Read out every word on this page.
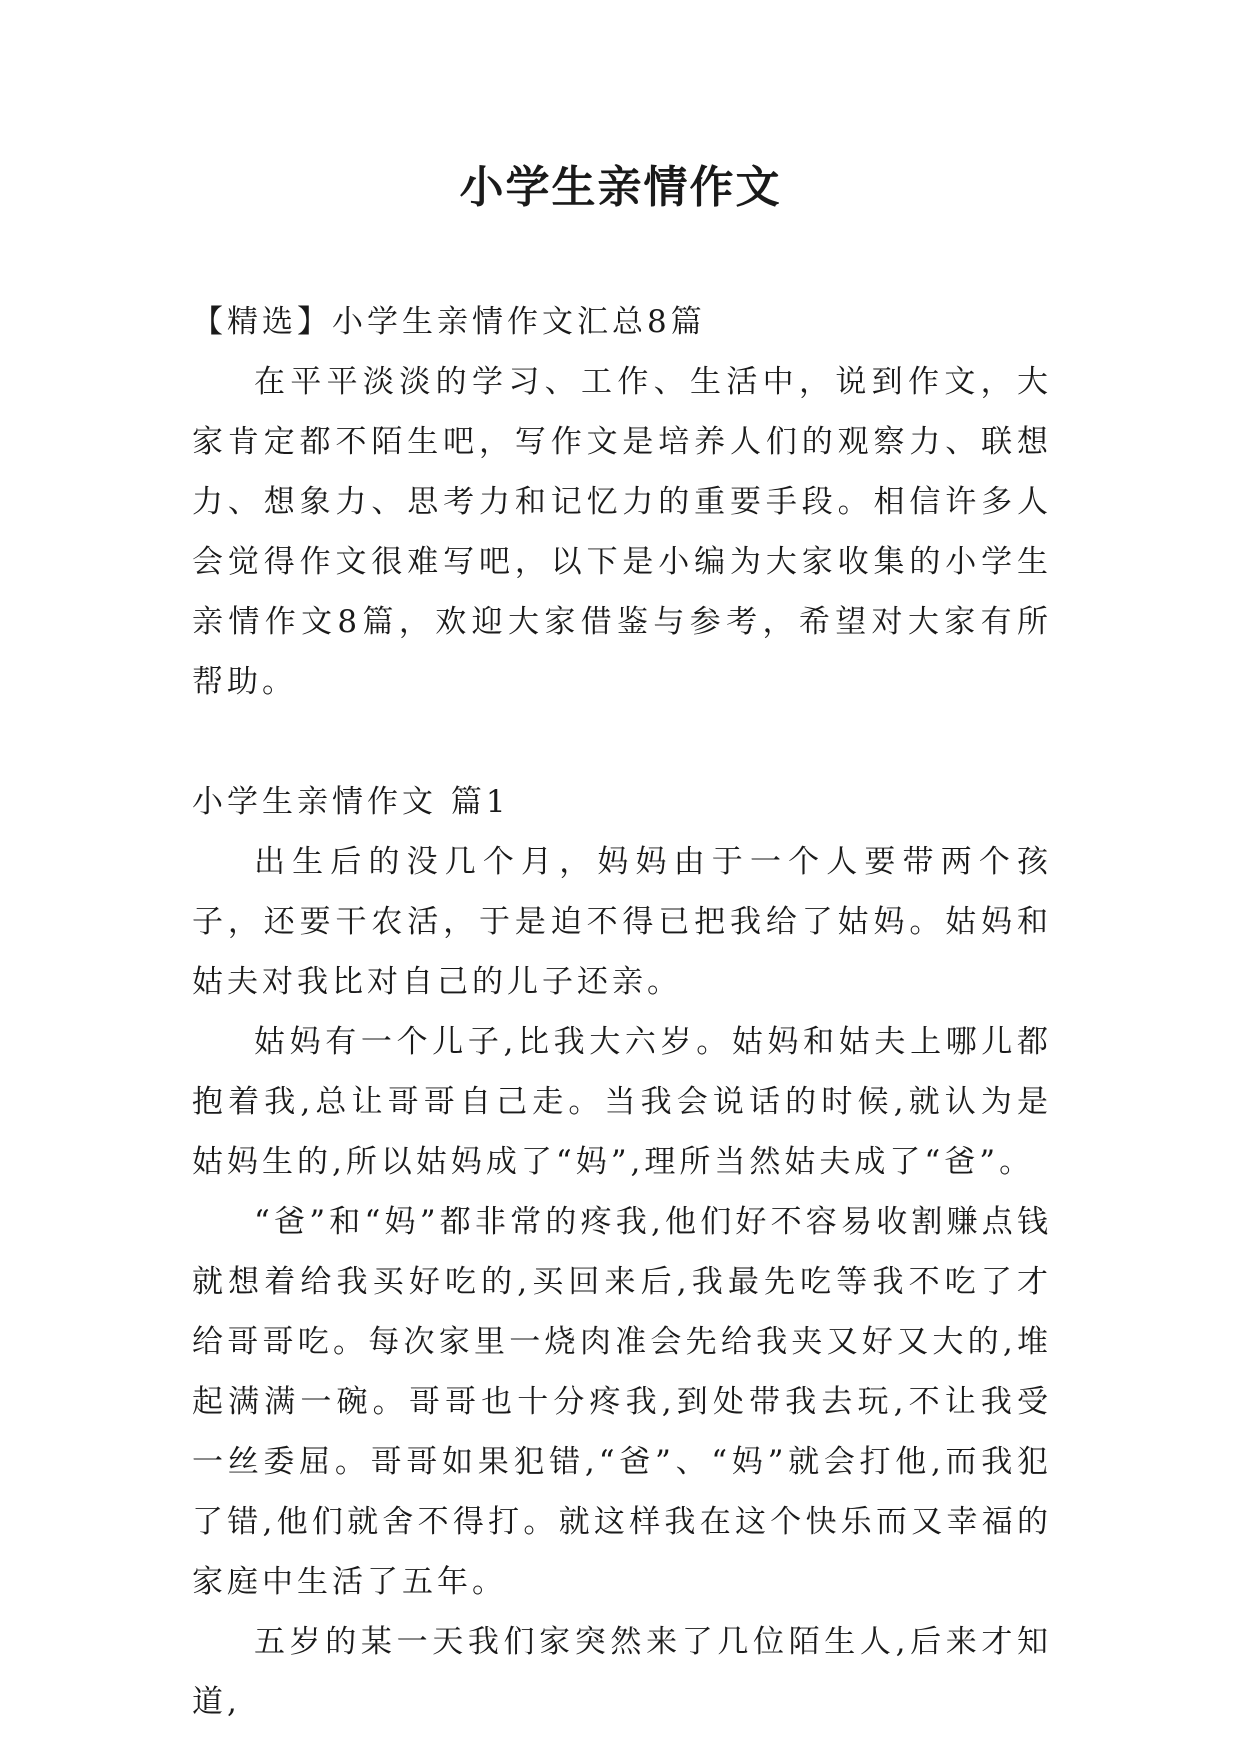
小学生亲情作文

【精选】小学生亲情作文汇总8篇

在平平淡淡的学习、工作、生活中，说到作文，大家肯定都不陌生吧，写作文是培养人们的观察力、联想力、想象力、思考力和记忆力的重要手段。相信许多人会觉得作文很难写吧，以下是小编为大家收集的小学生亲情作文8篇，欢迎大家借鉴与参考，希望对大家有所帮助。

小学生亲情作文 篇1

出生后的没几个月，妈妈由于一个人要带两个孩子，还要干农活，于是迫不得已把我给了姑妈。姑妈和姑夫对我比对自己的儿子还亲。

姑妈有一个儿子,比我大六岁。姑妈和姑夫上哪儿都抱着我,总让哥哥自己走。当我会说话的时候,就认为是姑妈生的,所以姑妈成了“妈”,理所当然姑夫成了“爸”。

“爸”和“妈”都非常的疼我,他们好不容易收割赚点钱就想着给我买好吃的,买回来后,我最先吃等我不吃了才给哥哥吃。每次家里一烧肉准会先给我夹又好又大的,堆起满满一碗。哥哥也十分疼我,到处带我去玩,不让我受一丝委屈。哥哥如果犯错,“爸”、“妈”就会打他,而我犯了错,他们就舍不得打。就这样我在这个快乐而又幸福的家庭中生活了五年。

五岁的某一天我们家突然来了几位陌生人,后来才知道,
